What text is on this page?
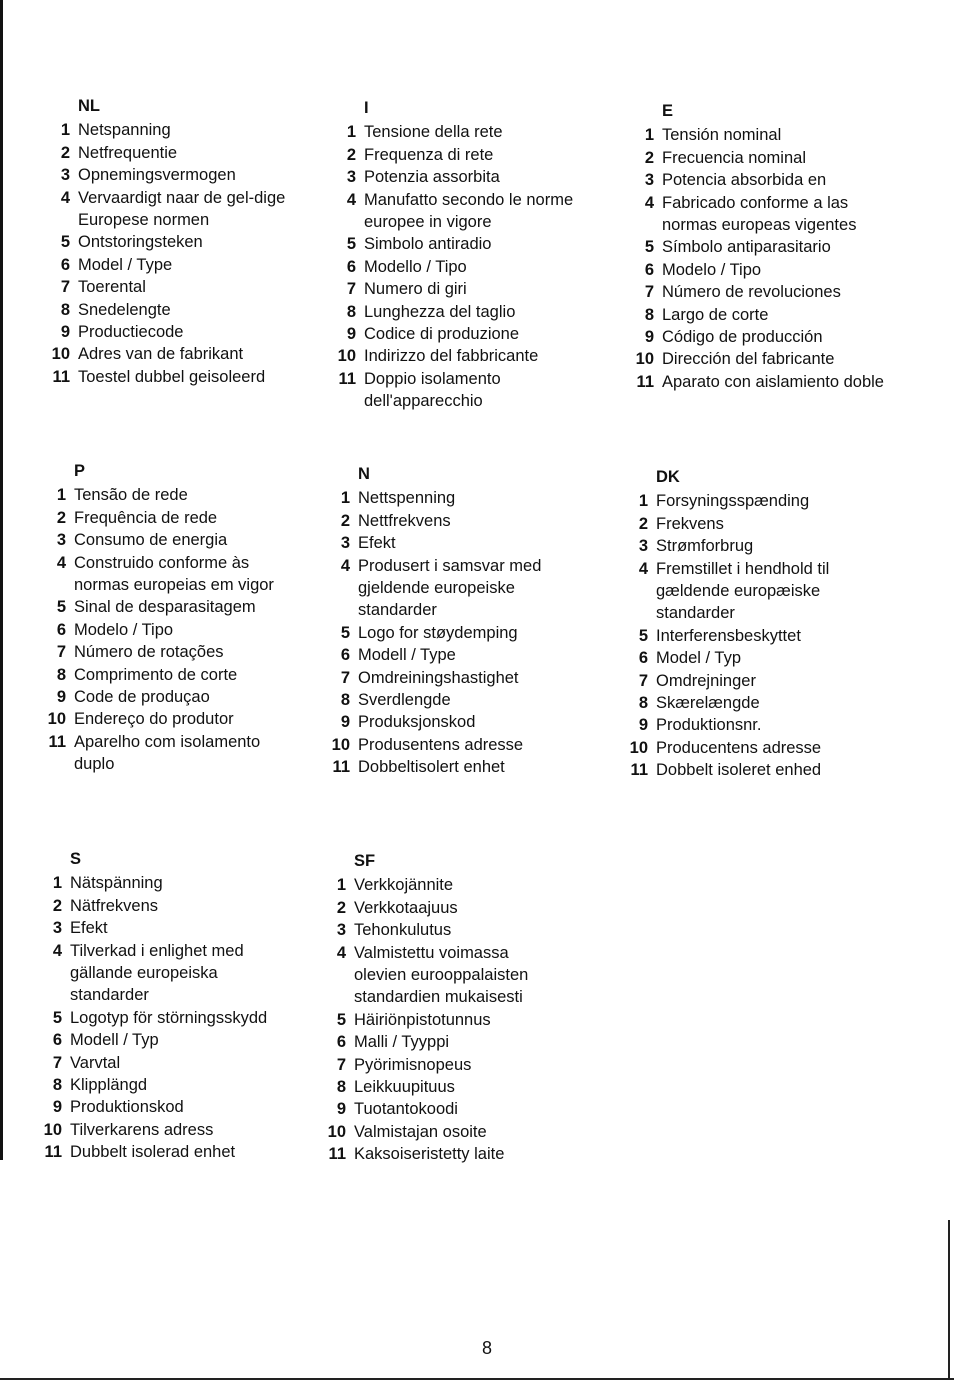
NL
1 Netspanning
2 Netfrequentie
3 Opnemingsvermogen
4 Vervaardigt naar de gel-dige Europese normen
5 Ontstoringsteken
6 Model / Type
7 Toerental
8 Snedelengte
9 Productiecode
10 Adres van de fabrikant
11 Toestel dubbel geisoleerd
I
1 Tensione della rete
2 Frequenza di rete
3 Potenzia assorbita
4 Manufatto secondo le norme europee in vigore
5 Simbolo antiradio
6 Modello / Tipo
7 Numero di giri
8 Lunghezza del taglio
9 Codice di produzione
10 Indirizzo del fabbricante
11 Doppio isolamento dell'apparecchio
E
1 Tensión nominal
2 Frecuencia nominal
3 Potencia absorbida en
4 Fabricado conforme a las normas europeas vigentes
5 Símbolo antiparasitario
6 Modelo / Tipo
7 Número de revoluciones
8 Largo de corte
9 Código de producción
10 Dirección del fabricante
11 Aparato con aislamiento doble
P
1 Tensão de rede
2 Frequência de rede
3 Consumo de energia
4 Construido conforme às normas europeias em vigor
5 Sinal de desparasitagem
6 Modelo / Tipo
7 Número de rotações
8 Comprimento de corte
9 Code de produçao
10 Endereço do produtor
11 Aparelho com isolamento duplo
N
1 Nettspenning
2 Nettfrekvens
3 Efekt
4 Produsert i samsvar med gjeldende europeiske standarder
5 Logo for støydemping
6 Modell / Type
7 Omdreiningshastighet
8 Sverdlengde
9 Produksjonskod
10 Produsentens adresse
11 Dobbeltisolert enhet
DK
1 Forsyningsspænding
2 Frekvens
3 Strømforbrug
4 Fremstillet i hendhold til gældende europæiske standarder
5 Interferensbeskyttet
6 Model / Typ
7 Omdrejninger
8 Skærelængde
9 Produktionsnr.
10 Producentens adresse
11 Dobbelt isoleret enhed
S
1 Nätspänning
2 Nätfrekvens
3 Efekt
4 Tilverkad i enlighet med gällande europeiska standarder
5 Logotyp för störningsskydd
6 Modell / Typ
7 Varvtal
8 Klipplängd
9 Produktionskod
10 Tilverkarens adress
11 Dubbelt isolerad enhet
SF
1 Verkkojännite
2 Verkkotaajuus
3 Tehonkulutus
4 Valmistettu voimassa olevien eurooppalaisten standardien mukaisesti
5 Häiriönpistotunnus
6 Malli / Tyyppi
7 Pyörimisnopeus
8 Leikkuupituus
9 Tuotantokoodi
10 Valmistajan osoite
11 Kaksoiseristetty laite
8
